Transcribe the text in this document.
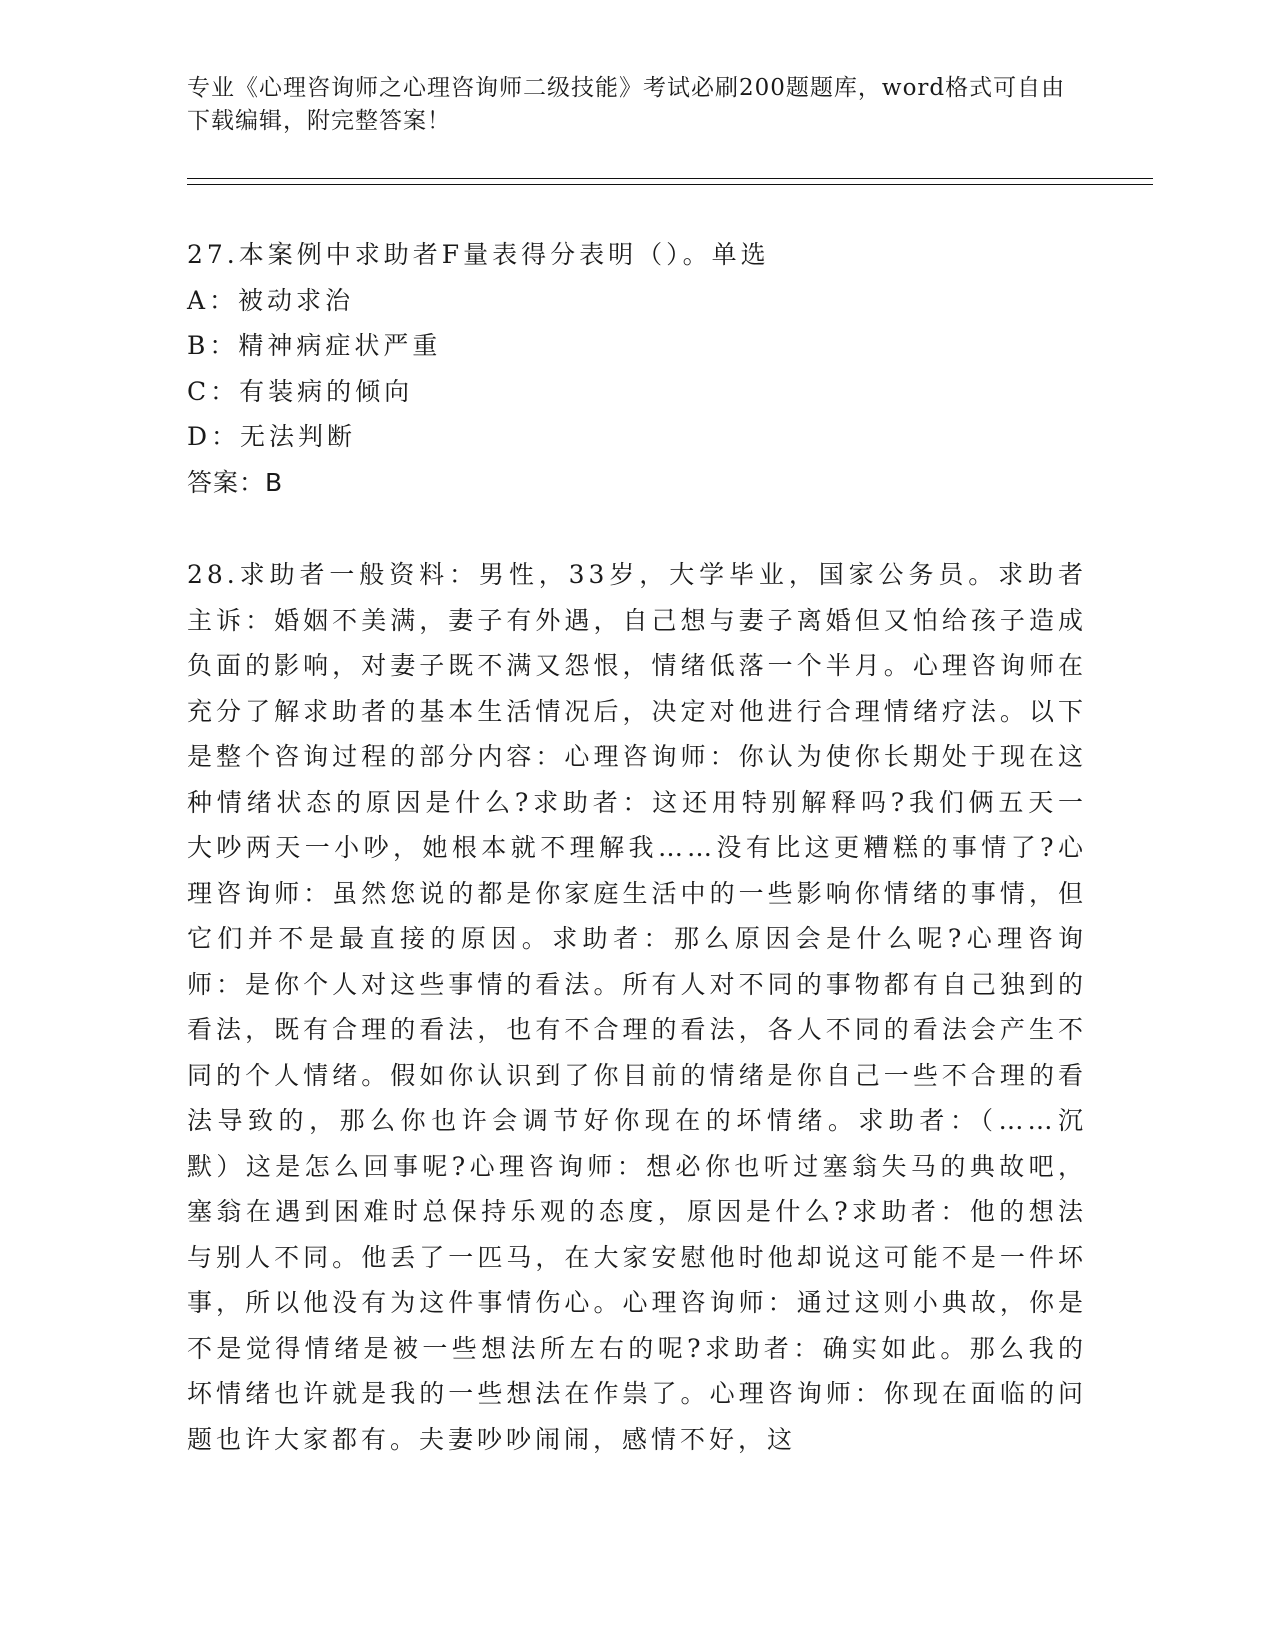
专业《心理咨询师之心理咨询师二级技能》考试必刷200题题库，word格式可自由下载编辑，附完整答案！

27.本案例中求助者F量表得分表明（）。单选
A：被动求治
B：精神病症状严重
C：有装病的倾向
D：无法判断
答案：B

28.求助者一般资料：男性，33岁，大学毕业，国家公务员。求助者主诉：婚姻不美满，妻子有外遇，自己想与妻子离婚但又怕给孩子造成负面的影响，对妻子既不满又怨恨，情绪低落一个半月。心理咨询师在充分了解求助者的基本生活情况后，决定对他进行合理情绪疗法。以下是整个咨询过程的部分内容：心理咨询师：你认为使你长期处于现在这种情绪状态的原因是什么?求助者：这还用特别解释吗?我们俩五天一大吵两天一小吵，她根本就不理解我……没有比这更糟糕的事情了?心理咨询师：虽然您说的都是你家庭生活中的一些影响你情绪的事情，但它们并不是最直接的原因。求助者：那么原因会是什么呢?心理咨询师：是你个人对这些事情的看法。所有人对不同的事物都有自己独到的看法，既有合理的看法，也有不合理的看法，各人不同的看法会产生不同的个人情绪。假如你认识到了你目前的情绪是你自己一些不合理的看法导致的，那么你也许会调节好你现在的坏情绪。求助者：（……沉默）这是怎么回事呢?心理咨询师：想必你也听过塞翁失马的典故吧，塞翁在遇到困难时总保持乐观的态度，原因是什么?求助者：他的想法与别人不同。他丢了一匹马，在大家安慰他时他却说这可能不是一件坏事，所以他没有为这件事情伤心。心理咨询师：通过这则小典故，你是不是觉得情绪是被一些想法所左右的呢?求助者：确实如此。那么我的坏情绪也许就是我的一些想法在作祟了。心理咨询师：你现在面临的问题也许大家都有。夫妻吵吵闹闹，感情不好，这
